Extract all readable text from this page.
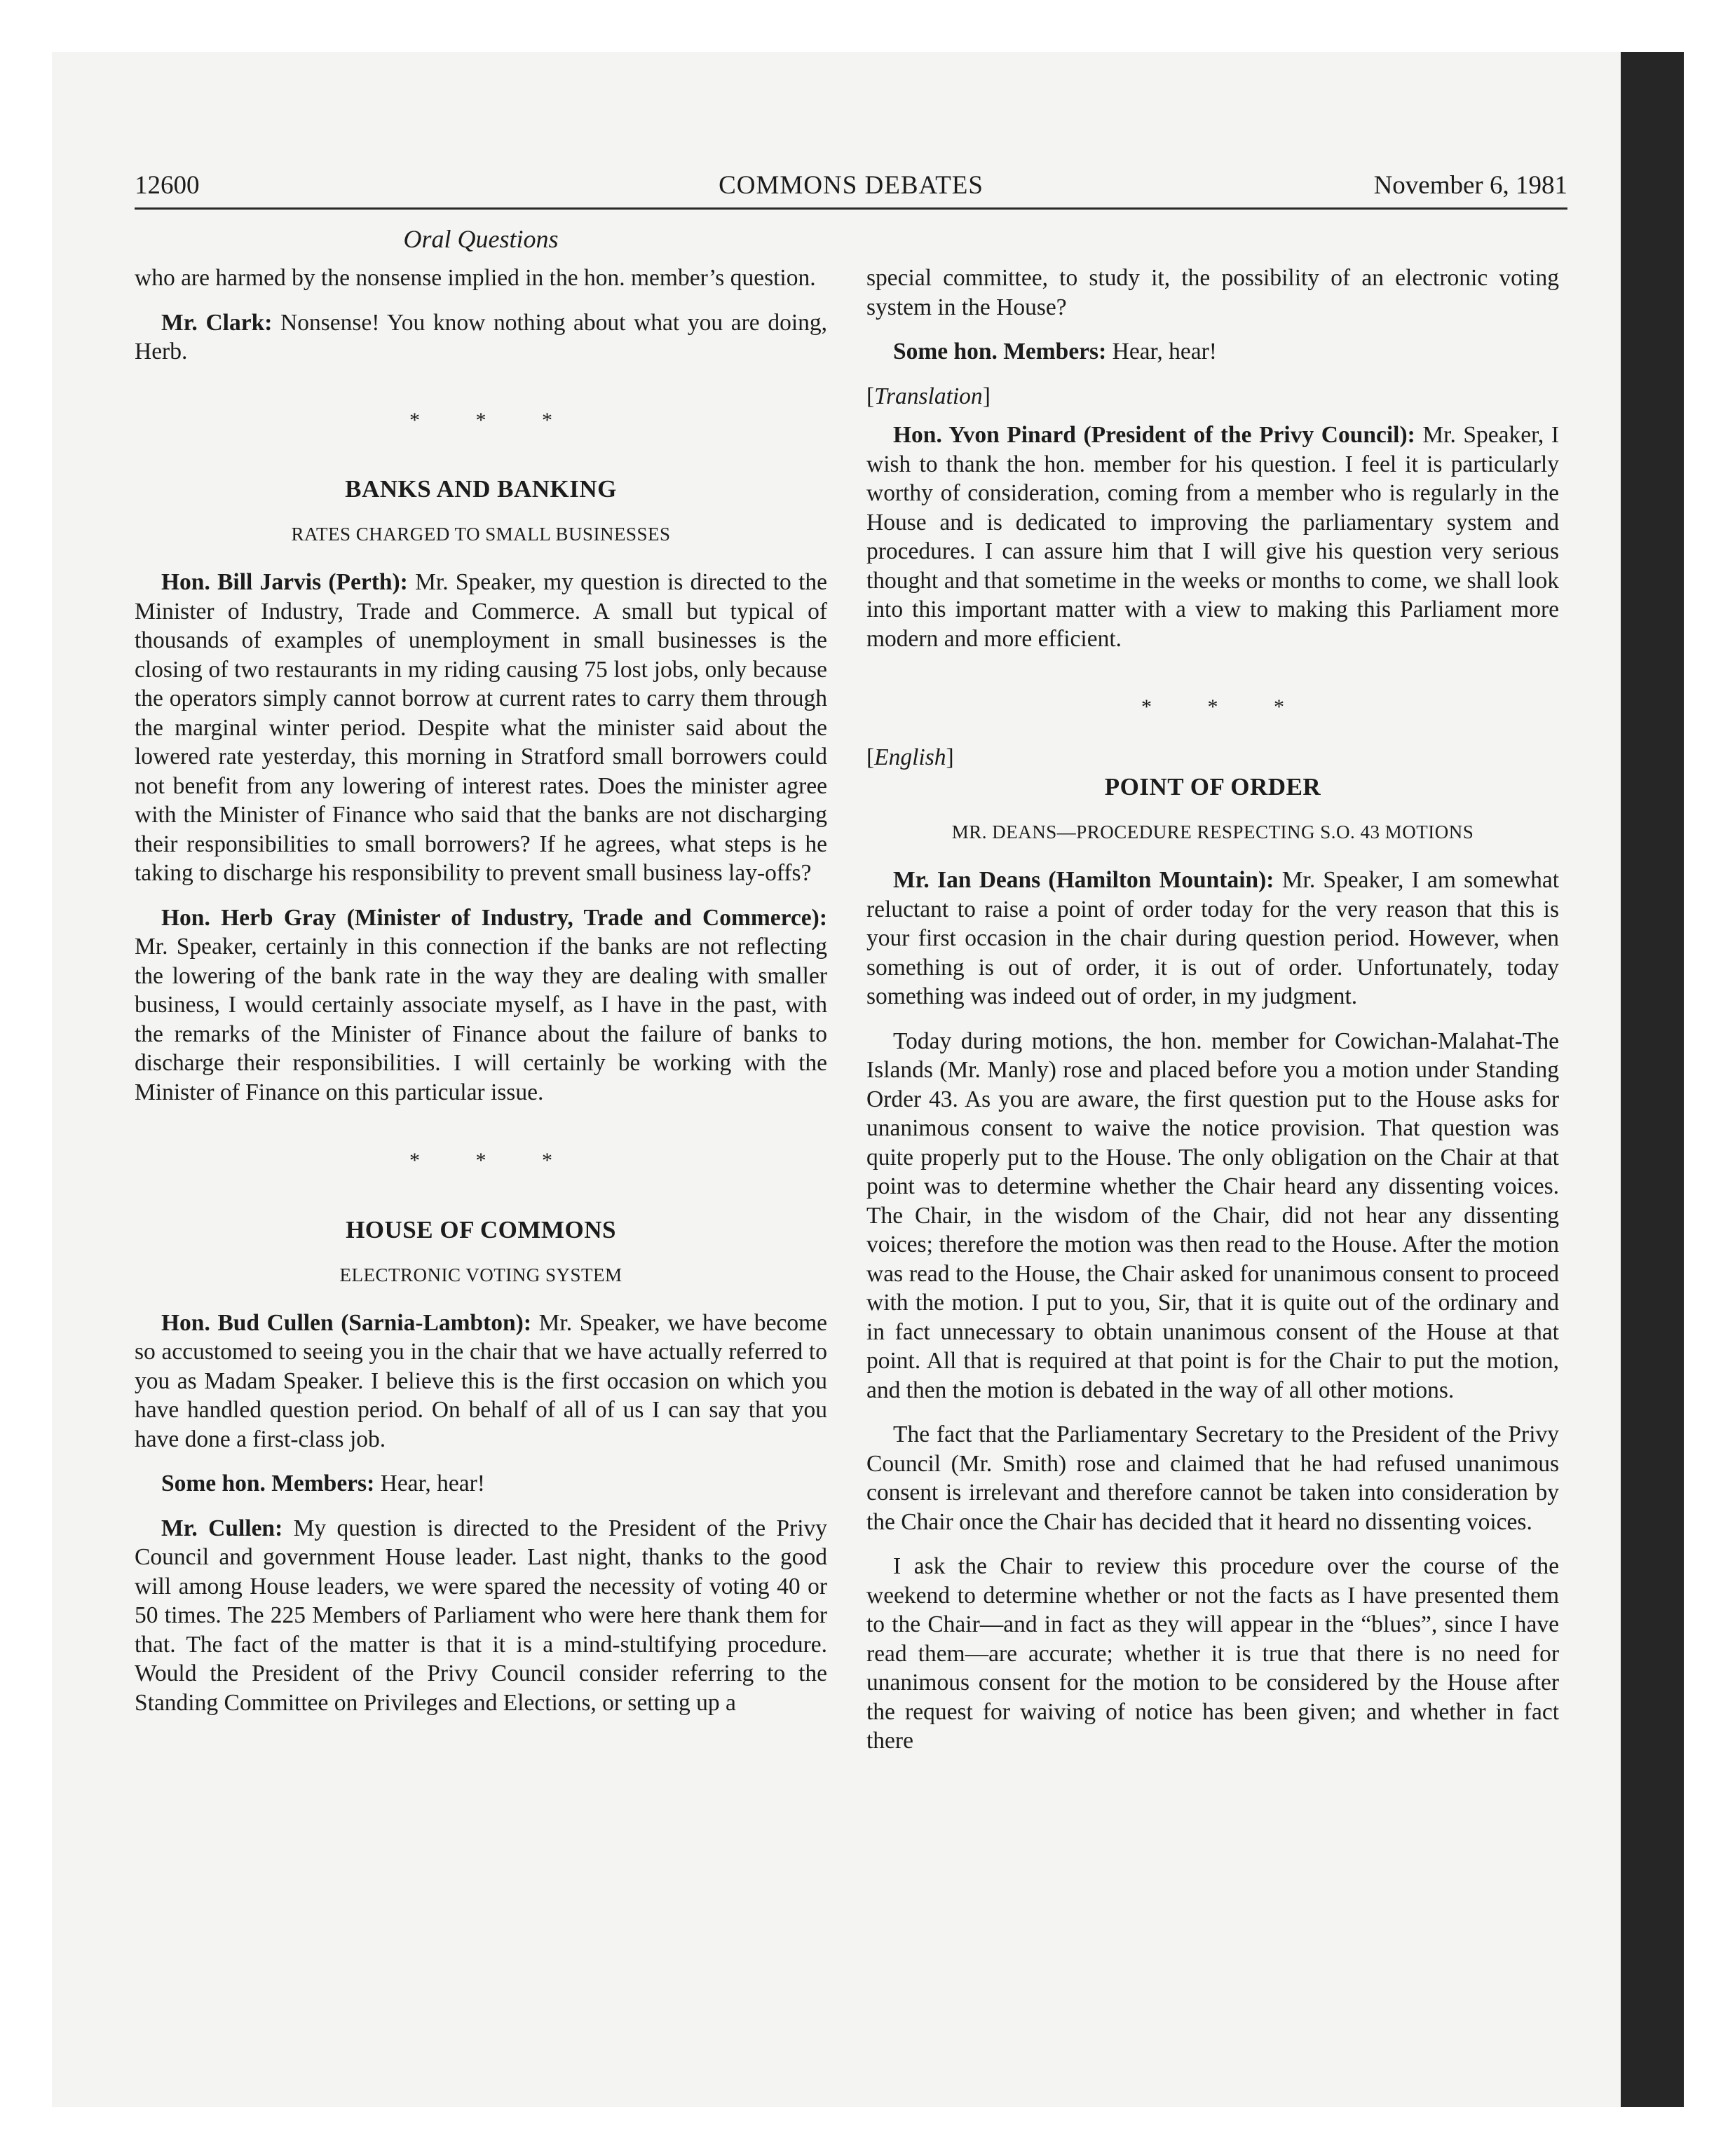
12600	COMMONS DEBATES	November 6, 1981
Oral Questions

who are harmed by the nonsense implied in the hon. member’s question.

Mr. Clark: Nonsense! You know nothing about what you are doing, Herb.

* * *
BANKS AND BANKING
RATES CHARGED TO SMALL BUSINESSES

Hon. Bill Jarvis (Perth): Mr. Speaker, my question is directed to the Minister of Industry, Trade and Commerce. A small but typical of thousands of examples of unemployment in small businesses is the closing of two restaurants in my riding causing 75 lost jobs, only because the operators simply cannot borrow at current rates to carry them through the marginal winter period. Despite what the minister said about the lowered rate yesterday, this morning in Stratford small borrowers could not benefit from any lowering of interest rates. Does the minister agree with the Minister of Finance who said that the banks are not discharging their responsibilities to small borrowers? If he agrees, what steps is he taking to discharge his responsibility to prevent small business lay-offs?

Hon. Herb Gray (Minister of Industry, Trade and Commerce): Mr. Speaker, certainly in this connection if the banks are not reflecting the lowering of the bank rate in the way they are dealing with smaller business, I would certainly associate myself, as I have in the past, with the remarks of the Minister of Finance about the failure of banks to discharge their responsibilities. I will certainly be working with the Minister of Finance on this particular issue.

* * *
HOUSE OF COMMONS
ELECTRONIC VOTING SYSTEM

Hon. Bud Cullen (Sarnia-Lambton): Mr. Speaker, we have become so accustomed to seeing you in the chair that we have actually referred to you as Madam Speaker. I believe this is the first occasion on which you have handled question period. On behalf of all of us I can say that you have done a first-class job.

Some hon. Members: Hear, hear!

Mr. Cullen: My question is directed to the President of the Privy Council and government House leader. Last night, thanks to the good will among House leaders, we were spared the necessity of voting 40 or 50 times. The 225 Members of Parliament who were here thank them for that. The fact of the matter is that it is a mind-stultifying procedure. Would the President of the Privy Council consider referring to the Standing Committee on Privileges and Elections, or setting up a

special committee, to study it, the possibility of an electronic voting system in the House?

Some hon. Members: Hear, hear!

[Translation]

Hon. Yvon Pinard (President of the Privy Council): Mr. Speaker, I wish to thank the hon. member for his question. I feel it is particularly worthy of consideration, coming from a member who is regularly in the House and is dedicated to improving the parliamentary system and procedures. I can assure him that I will give his question very serious thought and that sometime in the weeks or months to come, we shall look into this important matter with a view to making this Parliament more modern and more efficient.

* * *
[English]
POINT OF ORDER
MR. DEANS—PROCEDURE RESPECTING S.O. 43 MOTIONS

Mr. Ian Deans (Hamilton Mountain): Mr. Speaker, I am somewhat reluctant to raise a point of order today for the very reason that this is your first occasion in the chair during question period. However, when something is out of order, it is out of order. Unfortunately, today something was indeed out of order, in my judgment.

Today during motions, the hon. member for Cowichan-Malahat-The Islands (Mr. Manly) rose and placed before you a motion under Standing Order 43. As you are aware, the first question put to the House asks for unanimous consent to waive the notice provision. That question was quite properly put to the House. The only obligation on the Chair at that point was to determine whether the Chair heard any dissenting voices. The Chair, in the wisdom of the Chair, did not hear any dissenting voices; therefore the motion was then read to the House. After the motion was read to the House, the Chair asked for unanimous consent to proceed with the motion. I put to you, Sir, that it is quite out of the ordinary and in fact unnecessary to obtain unanimous consent of the House at that point. All that is required at that point is for the Chair to put the motion, and then the motion is debated in the way of all other motions.

The fact that the Parliamentary Secretary to the President of the Privy Council (Mr. Smith) rose and claimed that he had refused unanimous consent is irrelevant and therefore cannot be taken into consideration by the Chair once the Chair has decided that it heard no dissenting voices.

I ask the Chair to review this procedure over the course of the weekend to determine whether or not the facts as I have presented them to the Chair—and in fact as they will appear in the “blues”, since I have read them—are accurate; whether it is true that there is no need for unanimous consent for the motion to be considered by the House after the request for waiving of notice has been given; and whether in fact there
